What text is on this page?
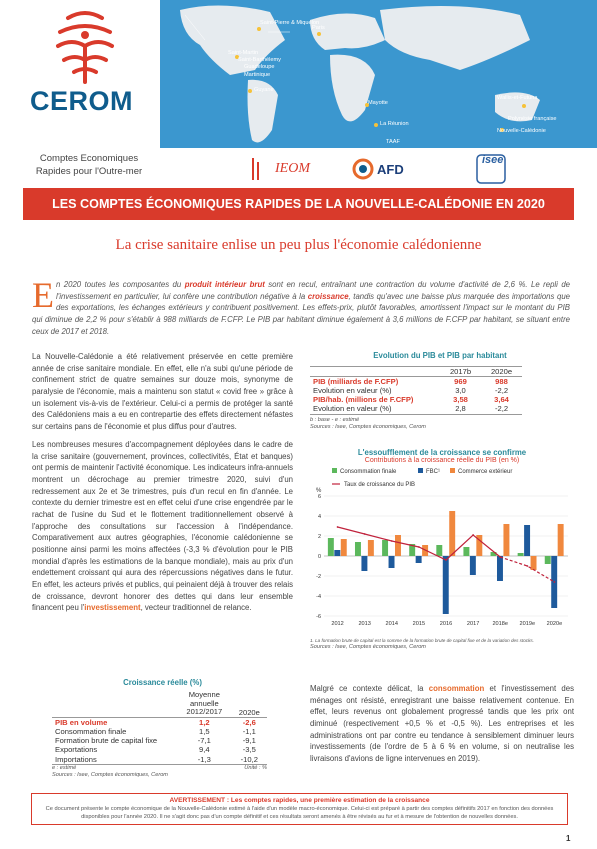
CEROM
Saint-Pierre & Miquelon
Paris
Saint-Martin
Saint-Barthélemy
Guadeloupe
Martinique
Guyane
Mayotte
La Réunion
TAAF
Wallis-et-Futuna
Polynésie française
Nouvelle-Calédonie
Comptes Economiques
Rapides pour l'Outre-mer	IEOM	AFD
isee
LES COMPTES ÉCONOMIQUES RAPIDES DE LA NOUVELLE-CALÉDONIE EN 2020
La crise sanitaire enlise un peu plus l'économie calédonienne
En 2020 toutes les composantes du produit intérieur brut sont en recul, entraînant une contraction du volume d'activité de 2,6 %. Le repli de l'investissement en particulier, lui confère une contribution négative à la croissance, tandis qu'avec une baisse plus marquée des importations que des exportations, les échanges extérieurs y contribuent positivement. Les effets-prix, plutôt favorables, amortissent l'impact sur le montant du PIB qui diminue de 2,2 % pour s'établir à 988 milliards de F.CFP. Le PIB par habitant diminue également à 3,6 millions de F.CFP par habitant, se situant entre ceux de 2017 et 2018.

La Nouvelle-Calédonie a été relativement préservée en cette première année de crise sanitaire mondiale. En effet, elle n'a subi qu'une période de confinement strict de quatre semaines sur douze mois, synonyme de paralysie de l'économie, mais a maintenu son statut « covid free » grâce à un isolement vis-à-vis de l'extérieur. Celui-ci a permis de protéger la santé des Calédoniens mais a eu en contrepartie des effets directement néfastes sur certains pans de l'économie et plus diffus pour d'autres.

Les nombreuses mesures d'accompagnement déployées dans le cadre de la crise sanitaire (gouvernement, provinces, collectivités, État et banques) ont permis de maintenir l'activité économique. Les indicateurs infra-annuels montrent un décrochage au premier trimestre 2020, suivi d'un redressement aux 2e et 3e trimestres, puis d'un recul en fin d'année. Le contexte du dernier trimestre est en effet celui d'une crise engendrée par le rachat de l'usine du Sud et le flottement traditionnellement observé à l'approche des consultations sur l'accession à l'indépendance. Comparativement aux autres géographies, l'économie calédonienne se positionne ainsi parmi les moins affectées (-3,3 % d'évolution pour le PIB mondial d'après les estimations de la banque mondiale), mais au prix d'un endettement croissant qui aura des répercussions négatives dans le futur. En effet, les acteurs privés et publics, qui peinaient déjà à trouver des relais de croissance, devront honorer des dettes qui dans leur ensemble financent peu l'investissement, vecteur traditionnel de relance.

Evolution du PIB et PIB par habitant
	2017b	2020e
PIB (milliards de F.CFP)	969	988
Evolution en valeur (%)	3,0	-2,2
PIB/hab. (millions de F.CFP)	3,58	3,64
Evolution en valeur (%)	2,8	-2,2
b : base - e : estimé
Sources : Isee, Comptes économiques, Cerom
L'essoufflement de la croissance se confirme
Contributions à la croissance réelle du PIB (en %)
%
6
4
2
0
-2
-4
-6
2012	2013	2014	2015	2016	2017 2018e 2019e 2020e
Consommation finale	FBC¹	Commerce extérieur
Taux de croissance du PIB
1. La formation brute de capital est la somme de la formation brute de capital fixe et de la variation des stocks.
Sources : Isee, Comptes économiques, Cerom
Croissance réelle (%)

	Moyenne
annuelle
2012/2017	2020e
PIB en volume	1,2	-2,6
Consommation finale	1,5	-1,1
Formation brute de capital fixe	-7,1	-9,1
Exportations	9,4	-3,5
Importations	-1,3	-10,2
e : estimé	Unité : %
Sources : Isee, Comptes économiques, Cerom
Malgré ce contexte délicat, la consommation et l'investissement des ménages ont résisté, enregistrant une baisse relativement contenue. En effet, leurs revenus ont globalement progressé tandis que les prix ont diminué (respectivement +0,5 % et -0,5 %). Les entreprises et les administrations ont par contre eu tendance à sensiblement diminuer leurs investissements (de l'ordre de 5 à 6 % en volume, si on neutralise les livraisons d'avions de ligne intervenues en 2019).
AVERTISSEMENT : Les comptes rapides, une première estimation de la croissance
Ce document présente le compte économique de la Nouvelle-Calédonie estimé à l'aide d'un modèle macro-économique. Celui-ci est préparé à partir des comptes définitifs 2017 en fonction des données disponibles pour l'année 2020. Il ne s'agit donc pas d'un compte définitif et ces résultats seront amenés à être révisés au fur et à mesure de l'obtention de nouvelles données.
1
